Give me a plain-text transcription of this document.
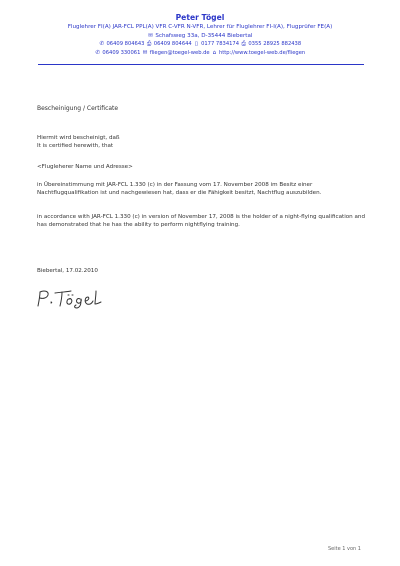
Peter Tögel
Fluglehrer FI(A) JAR-FCL PPL(A) VFR C-VFR N-VFR, Lehrer für Fluglehrer FI-I(A), Flugprüfer FE(A)
✉ Schafsweg 33a, D-35444 Biebertal
✆ 06409 804643 ⎙ 06409 804644 ▯ 0177 7834174 ⎙ 0355 28925 882438
✆ 06409 330061 ✉ fliegen@toegel-web.de ⌂ http://www.toegel-web.de/fliegen
Bescheinigung / Certificate
Hiermit wird bescheinigt, daß
It is certified herewith, that
<Flugleherer Name und Adresse>
in Übereinstimmung mit JAR-FCL 1.330 (c) in der Fassung vom 17. November 2008 im Besitz einer Nachtflugqualifikation ist und nachgewiesen hat, dass er die Fähigkeit besitzt, Nachtflug auszubilden.
in accordance with JAR-FCL 1.330 (c) in version of November 17, 2008 is the holder of a night-flying qualification and has demonstrated that he has the ability to perform nightflying training.
Biebertal, 17.02.2010
Seite 1 von 1
